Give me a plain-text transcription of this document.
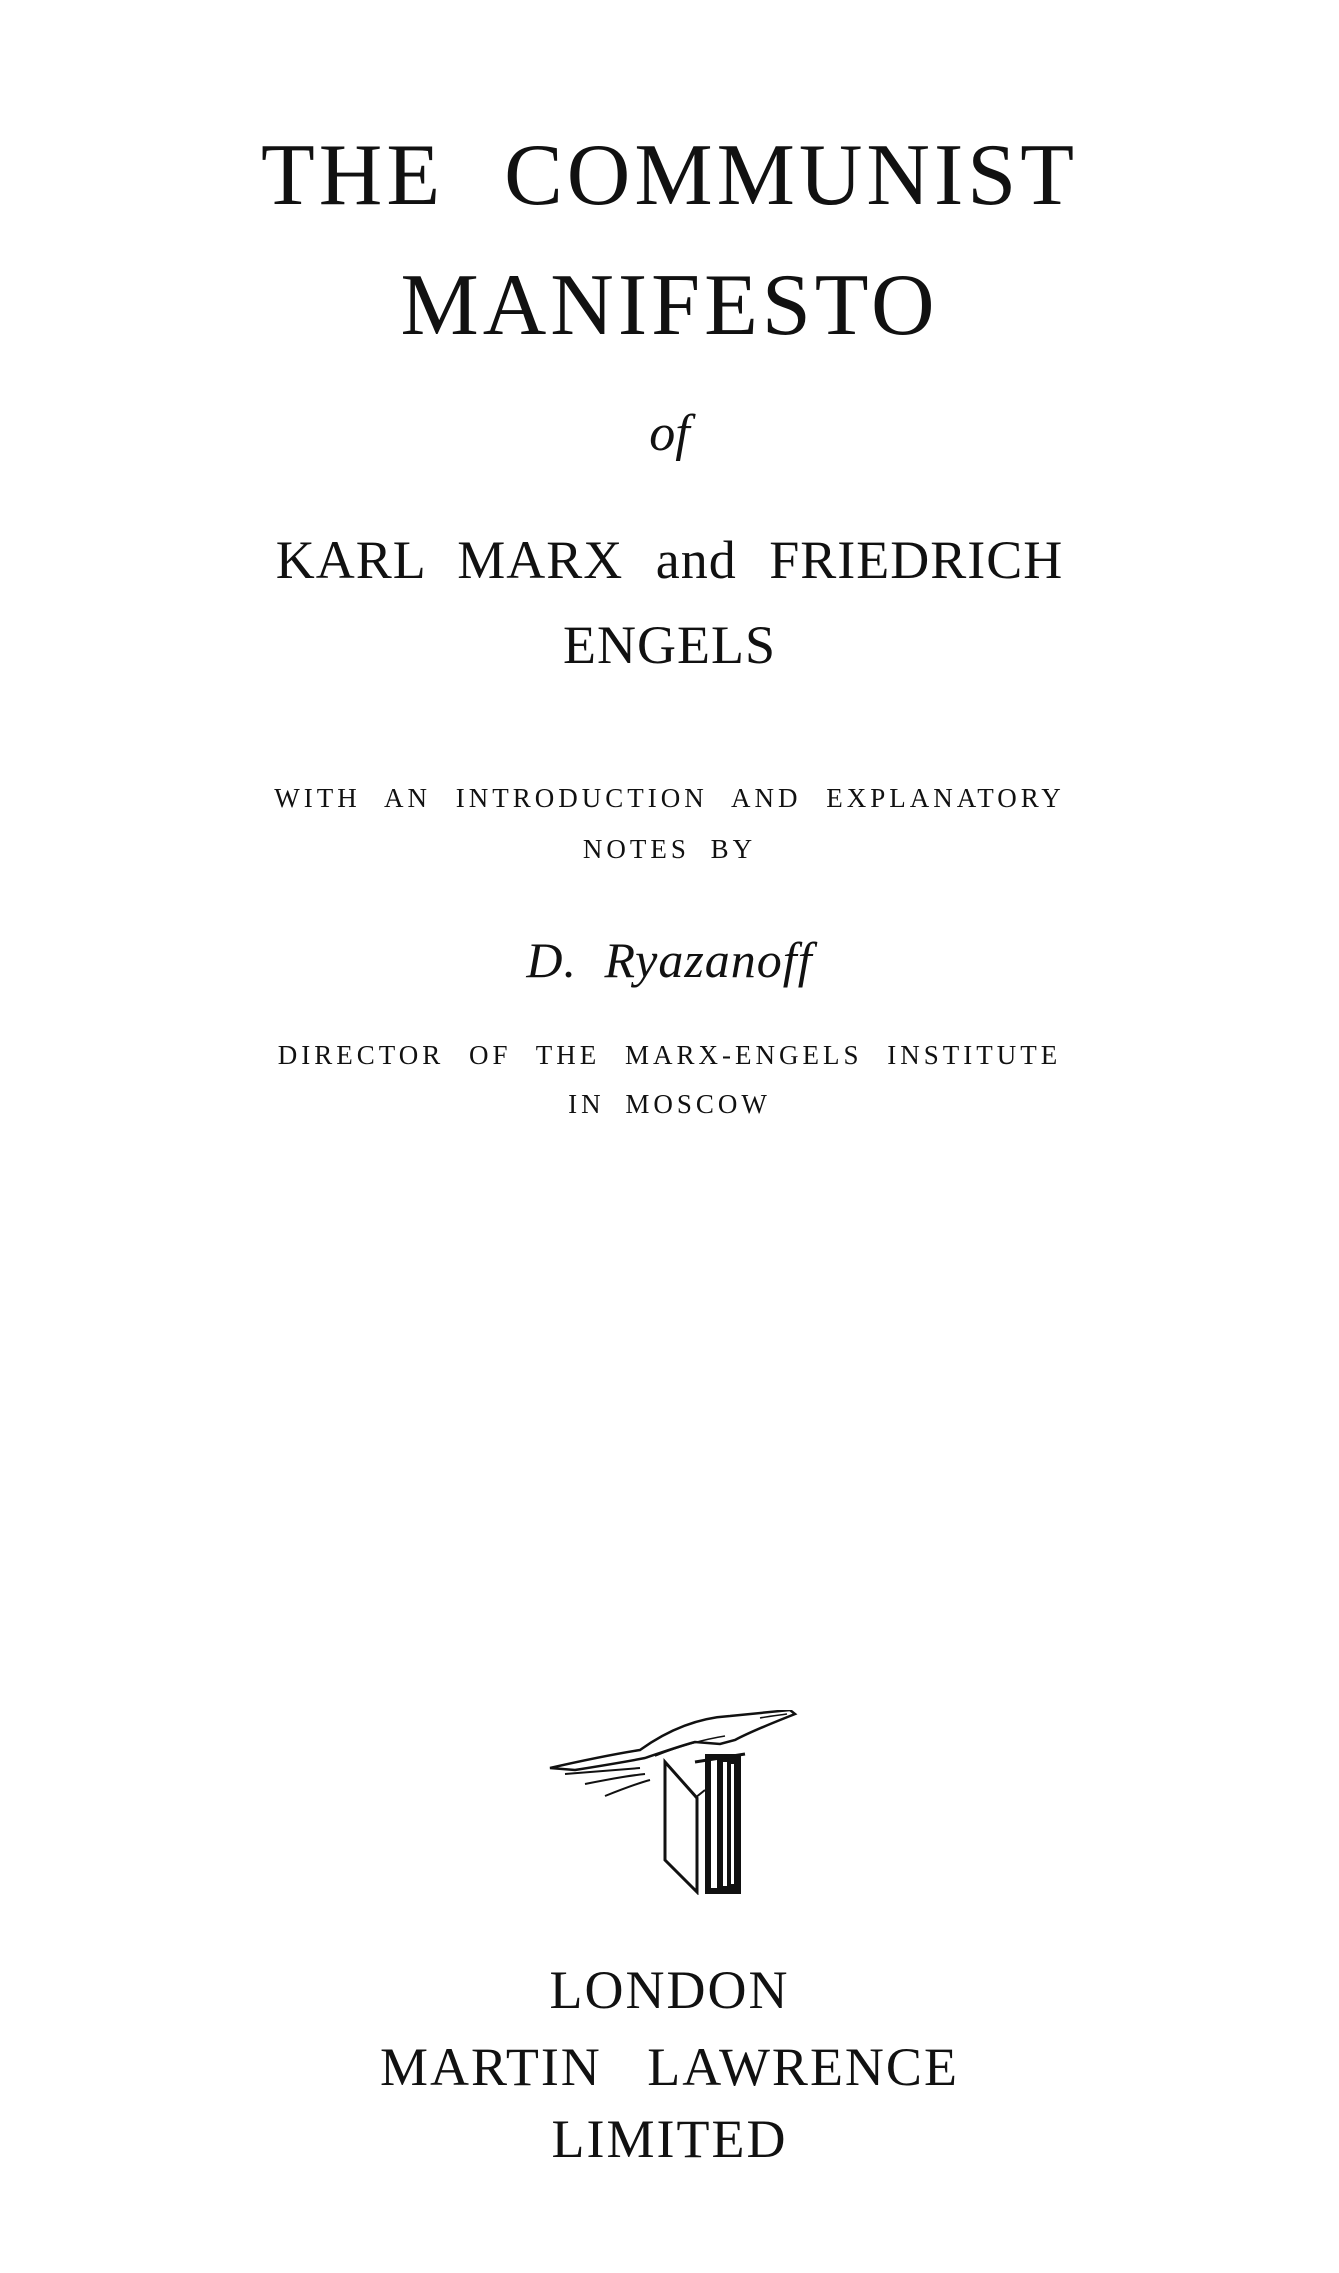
THE COMMUNIST
MANIFESTO
of
KARL MARX and FRIEDRICH
ENGELS
WITH AN INTRODUCTION AND EXPLANATORY
NOTES BY
D. Ryazanoff
DIRECTOR OF THE MARX-ENGELS INSTITUTE
IN MOSCOW
LONDON
MARTIN LAWRENCE
LIMITED
